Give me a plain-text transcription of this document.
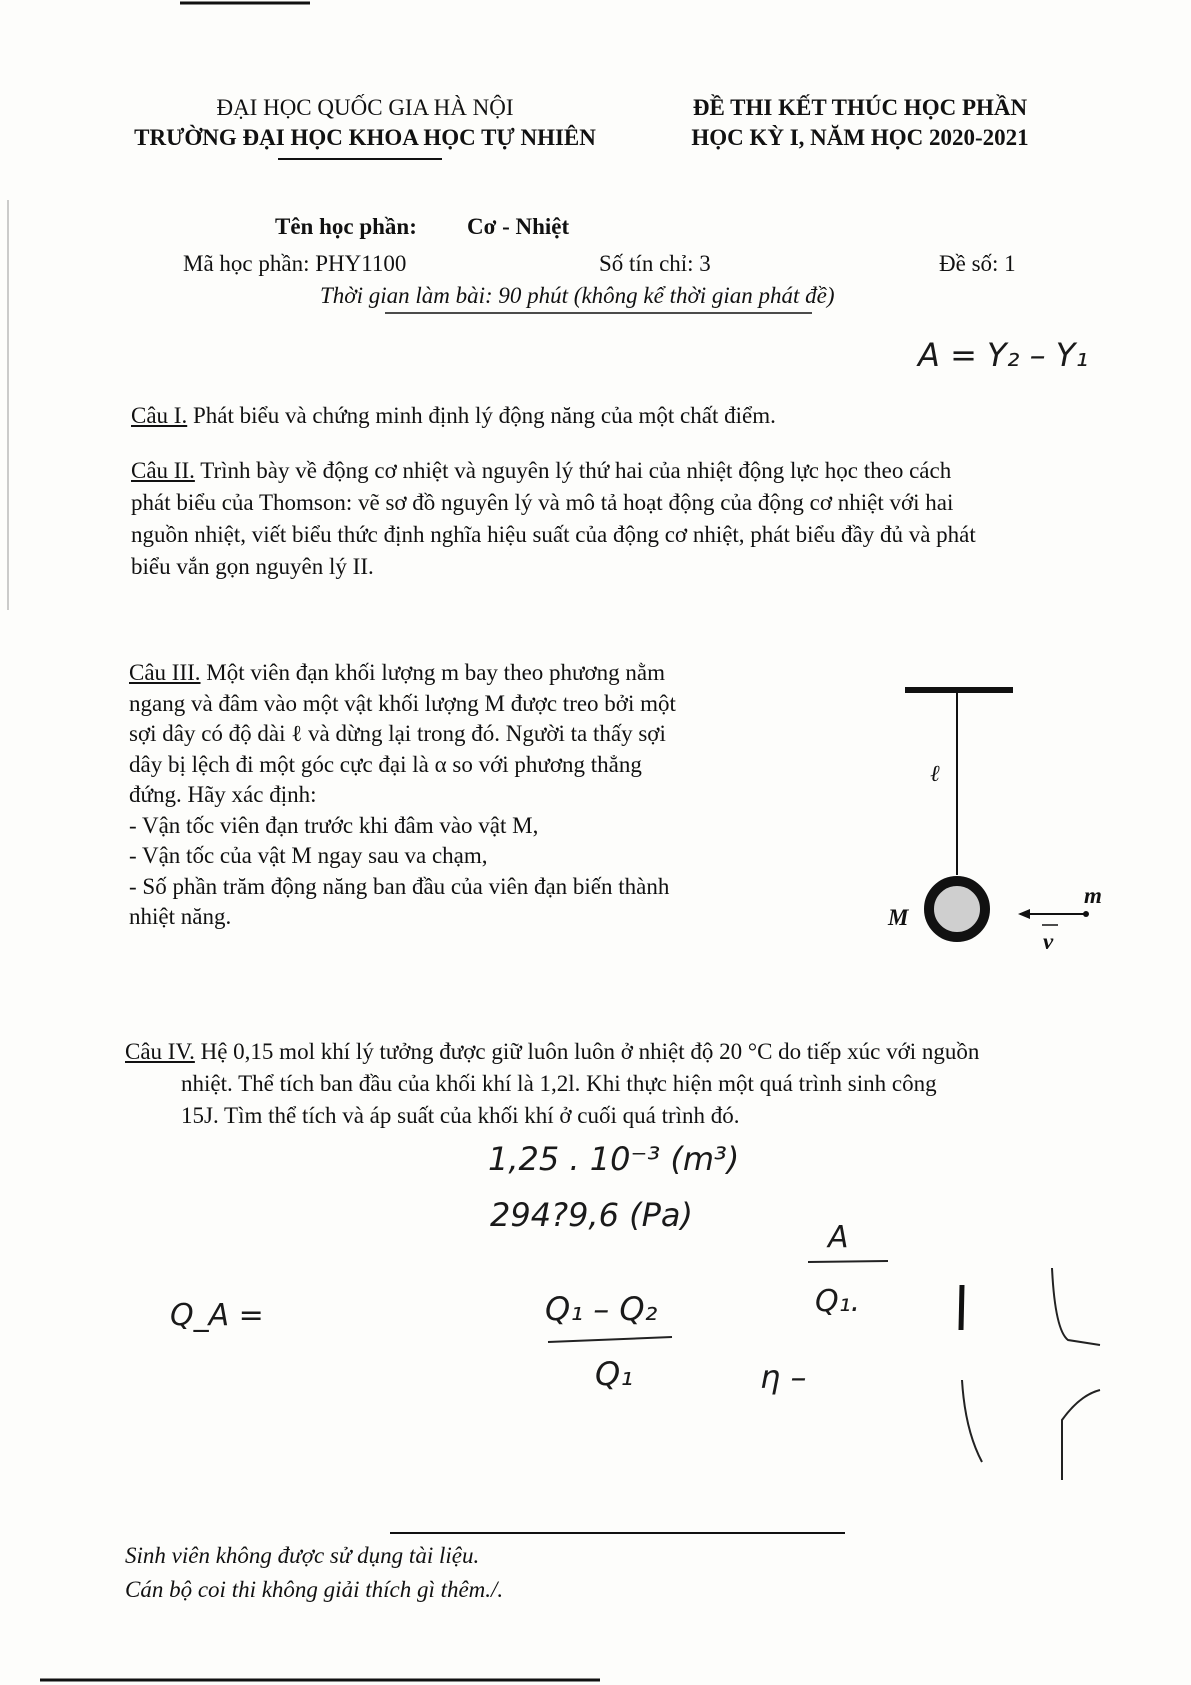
ĐẠI HỌC QUỐC GIA HÀ NỘI
TRƯỜNG ĐẠI HỌC KHOA HỌC TỰ NHIÊN
ĐỀ THI KẾT THÚC HỌC PHẦN
HỌC KỲ I, NĂM HỌC 2020-2021
Tên học phần: Cơ - Nhiệt
Mã học phần: PHY1100	Số tín chỉ: 3	Đề số: 1
Thời gian làm bài: 90 phút (không kể thời gian phát đề)
A = Y₂ – Y₁
Câu I. Phát biểu và chứng minh định lý động năng của một chất điểm.
Câu II. Trình bày về động cơ nhiệt và nguyên lý thứ hai của nhiệt động lực học theo cách
phát biểu của Thomson: vẽ sơ đồ nguyên lý và mô tả hoạt động của động cơ nhiệt với hai
nguồn nhiệt, viết biểu thức định nghĩa hiệu suất của động cơ nhiệt, phát biểu đầy đủ và phát
biểu vắn gọn nguyên lý II.
Câu III. Một viên đạn khối lượng m bay theo phương nằm
ngang và đâm vào một vật khối lượng M được treo bởi một
sợi dây có độ dài ℓ và dừng lại trong đó. Người ta thấy sợi
dây bị lệch đi một góc cực đại là α so với phương thẳng
đứng. Hãy xác định:
- Vận tốc viên đạn trước khi đâm vào vật M,
- Vận tốc của vật M ngay sau va chạm,
- Số phần trăm động năng ban đầu của viên đạn biến thành
nhiệt năng.
ℓ
M
m
v
Câu IV. Hệ 0,15 mol khí lý tưởng được giữ luôn luôn ở nhiệt độ 20 °C do tiếp xúc với nguồn
nhiệt. Thể tích ban đầu của khối khí là 1,2l. Khi thực hiện một quá trình sinh công
15J. Tìm thể tích và áp suất của khối khí ở cuối quá trình đó.
1,25 . 10⁻³ (m³)
294?9,6 (Pa)
Q_A =	Q₁ – Q₂
Q₁	η –
A
Q₁.
Sinh viên không được sử dụng tài liệu.
Cán bộ coi thi không giải thích gì thêm./.
